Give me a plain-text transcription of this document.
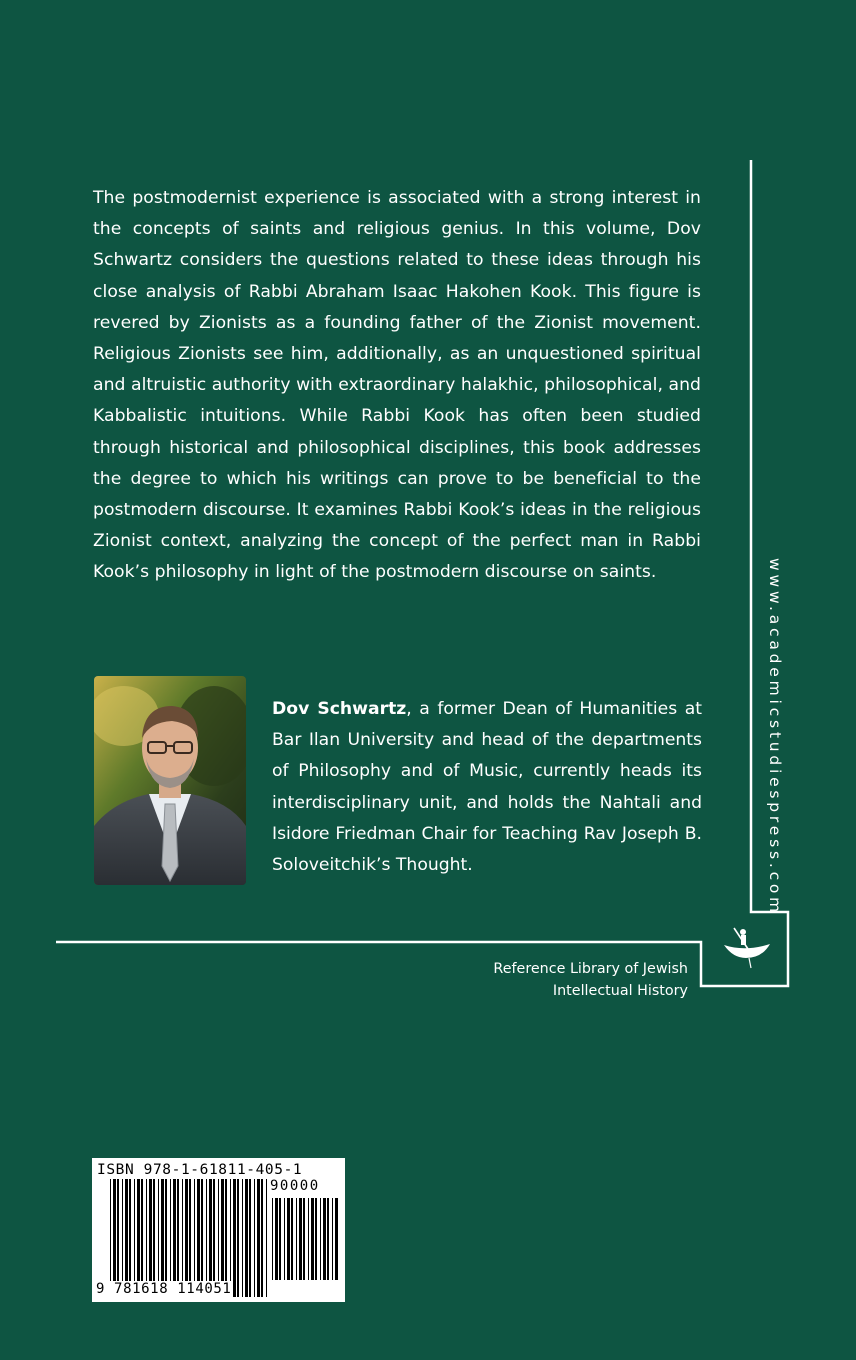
The postmodernist experience is associated with a strong interest in the concepts of saints and religious genius. In this volume, Dov Schwartz considers the questions related to these ideas through his close analysis of Rabbi Abraham Isaac Hakohen Kook. This figure is revered by Zionists as a founding father of the Zionist movement. Religious Zionists see him, additionally, as an unquestioned spiritual and altruistic authority with extraordinary halakhic, philosophical, and Kabbalistic intuitions. While Rabbi Kook has often been studied through historical and philosophical disciplines, this book addresses the degree to which his writings can prove to be beneficial to the postmodern discourse. It examines Rabbi Kook’s ideas in the religious Zionist context, analyzing the concept of the perfect man in Rabbi Kook’s philosophy in light of the postmodern discourse on saints.

Dov Schwartz, a former Dean of Humanities at Bar Ilan University and head of the departments of Philosophy and of Music, currently heads its interdisciplinary unit, and holds the Nahtali and Isidore Friedman Chair for Teaching Rav Joseph B. Soloveitchik’s Thought.	www.academicstudiespress.com
Reference Library of Jewish
Intellectual History
ISBN 978-1-61811-405-1
90000
9 781618 114051
